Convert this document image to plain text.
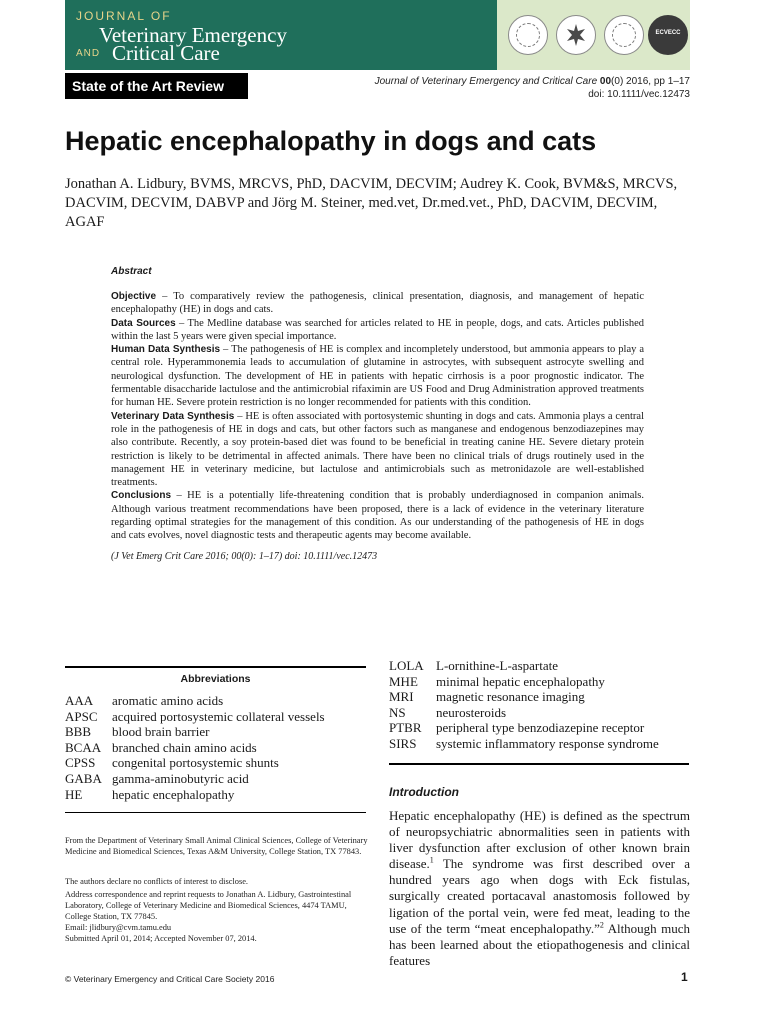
JOURNAL OF
Veterinary Emergency
AND Critical Care
ECVECC
State of the Art Review	Journal of Veterinary Emergency and Critical Care 00(0) 2016, pp 1–17
doi: 10.1111/vec.12473
Hepatic encephalopathy in dogs and cats
Jonathan A. Lidbury, BVMS, MRCVS, PhD, DACVIM, DECVIM; Audrey K. Cook, BVM&S, MRCVS, DACVIM, DECVIM, DABVP and Jörg M. Steiner, med.vet, Dr.med.vet., PhD, DACVIM, DECVIM, AGAF
Abstract

Objective – To comparatively review the pathogenesis, clinical presentation, diagnosis, and management of hepatic encephalopathy (HE) in dogs and cats.

Data Sources – The Medline database was searched for articles related to HE in people, dogs, and cats. Articles published within the last 5 years were given special importance.

Human Data Synthesis – The pathogenesis of HE is complex and incompletely understood, but ammonia appears to play a central role. Hyperammonemia leads to accumulation of glutamine in astrocytes, with subsequent astrocyte swelling and neurological dysfunction. The development of HE in patients with hepatic cirrhosis is a poor prognostic indicator. The fermentable disaccharide lactulose and the antimicrobial rifaximin are US Food and Drug Administration approved treatments for human HE. Severe protein restriction is no longer recommended for patients with this condition.

Veterinary Data Synthesis – HE is often associated with portosystemic shunting in dogs and cats. Ammonia plays a central role in the pathogenesis of HE in dogs and cats, but other factors such as manganese and endogenous benzodiazepines may also contribute. Recently, a soy protein-based diet was found to be beneficial in treating canine HE. Severe dietary protein restriction is likely to be detrimental in affected animals. There have been no clinical trials of drugs routinely used in the management HE in veterinary medicine, but lactulose and antimicrobials such as metronidazole are well-established treatments.

Conclusions – HE is a potentially life-threatening condition that is probably underdiagnosed in companion animals. Although various treatment recommendations have been proposed, there is a lack of evidence in the veterinary literature regarding optimal strategies for the management of this condition. As our understanding of the pathogenesis of HE in dogs and cats evolves, novel diagnostic tests and therapeutic agents may become available.

(J Vet Emerg Crit Care 2016; 00(0): 1–17) doi: 10.1111/vec.12473
Abbreviations
AAA	aromatic amino acids
APSC	acquired portosystemic collateral vessels
BBB	blood brain barrier
BCAA branched chain amino acids
CPSS	congenital portosystemic shunts
GABA gamma-aminobutyric acid
HE	hepatic encephalopathy
LOLA L-ornithine-L-aspartate
MHE	minimal hepatic encephalopathy
MRI	magnetic resonance imaging
NS	neurosteroids
PTBR	peripheral type benzodiazepine receptor
SIRS	systemic inflammatory response syndrome
From the Department of Veterinary Small Animal Clinical Sciences, College of Veterinary Medicine and Biomedical Sciences, Texas A&M University, College Station, TX 77843.
The authors declare no conflicts of interest to disclose.
Address correspondence and reprint requests to Jonathan A. Lidbury, Gastrointestinal Laboratory, College of Veterinary Medicine and Biomedical Sciences, 4474 TAMU, College Station, TX 77845.
Email: jlidbury@cvm.tamu.edu
Submitted April 01, 2014; Accepted November 07, 2014.
Introduction
Hepatic encephalopathy (HE) is defined as the spectrum of neuropsychiatric abnormalities seen in patients with liver dysfunction after exclusion of other known brain disease.$^1$ The syndrome was first described over a hundred years ago when dogs with Eck fistulas, surgically created portacaval anastomosis followed by ligation of the portal vein, were fed meat, leading to the use of the term “meat encephalopathy.”$^2$ Although much has been learned about the etiopathogenesis and clinical features
© Veterinary Emergency and Critical Care Society 2016	1
